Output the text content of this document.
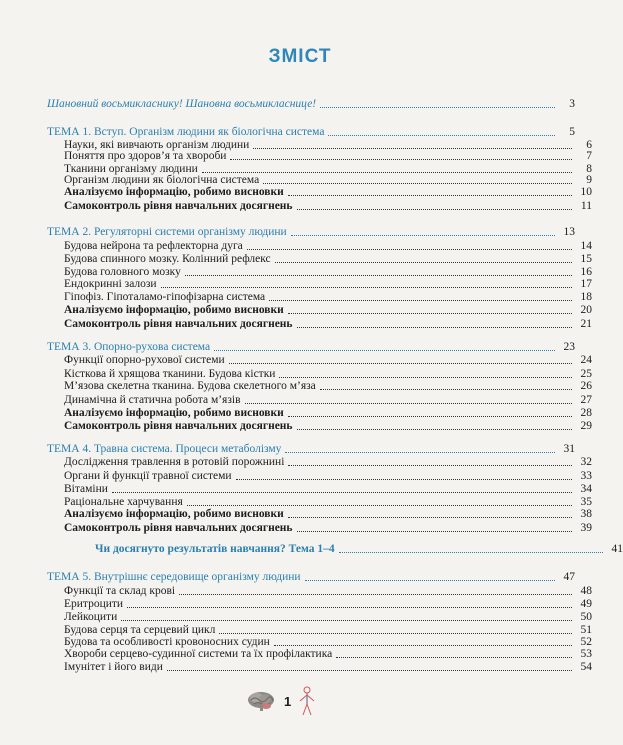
ЗМІСТ
Шановний восьмикласнику! Шановна восьмикласнице!	3
ТЕМА 1. Вступ. Організм людини як біологічна система	5
Науки, які вивчають організм людини	6
Поняття про здоров’я та хвороби	7
Тканини організму людини	8
Організм людини як біологічна система	9
Аналізуємо інформацію, робимо висновки	10
Самоконтроль рівня навчальних досягнень	11
ТЕМА 2. Регуляторні системи організму людини	13
Будова нейрона та рефлекторна дуга	14
Будова спинного мозку. Колінний рефлекс	15
Будова головного мозку	16
Ендокринні залози	17
Гіпофіз. Гіпоталамо-гіпофізарна система	18
Аналізуємо інформацію, робимо висновки	20
Самоконтроль рівня навчальних досягнень	21
ТЕМА 3. Опорно-рухова система	23
Функції опорно-рухової системи	24
Кісткова й хрящова тканини. Будова кістки	25
М’язова скелетна тканина. Будова скелетного м’яза	26
Динамічна й статична робота м’язів	27
Аналізуємо інформацію, робимо висновки	28
Самоконтроль рівня навчальних досягнень	29
ТЕМА 4. Травна система. Процеси метаболізму	31
Дослідження травлення в ротовій порожнині	32
Органи й функції травної системи	33
Вітаміни	34
Раціональне харчування	35
Аналізуємо інформацію, робимо висновки	38
Самоконтроль рівня навчальних досягнень	39
Чи досягнуто результатів навчання? Тема 1–4	41
ТЕМА 5. Внутрішнє середовище організму людини	47
Функції та склад крові	48
Еритроцити	49
Лейкоцити	50
Будова серця та серцевий цикл	51
Будова та особливості кровоносних судин	52
Хвороби серцево-судинної системи та їх профілактика	53
Імунітет і його види	54
1
